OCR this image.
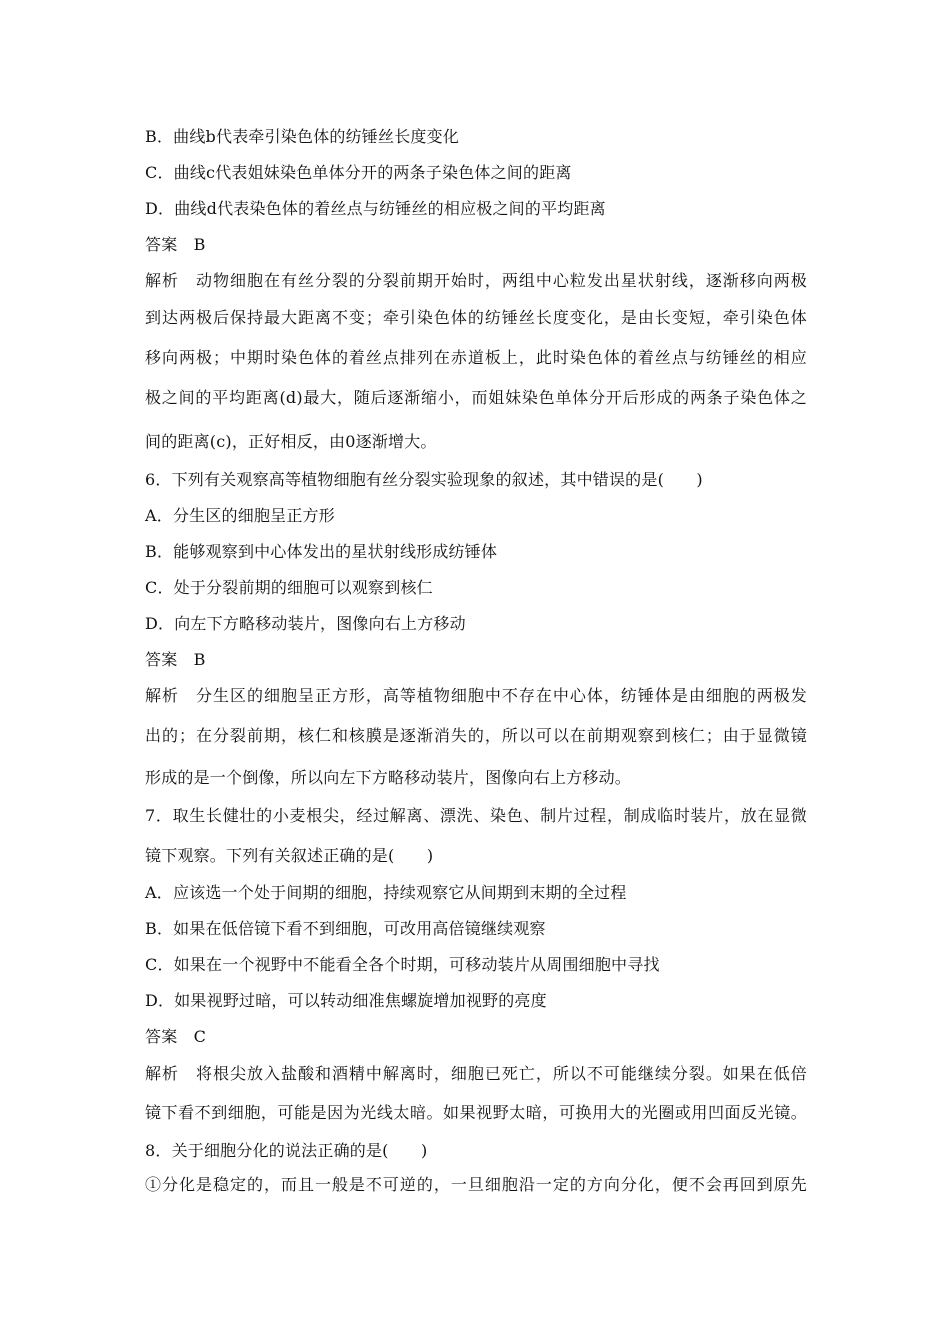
B．曲线b代表牵引染色体的纺锤丝长度变化
C．曲线c代表姐妹染色单体分开的两条子染色体之间的距离
D．曲线d代表染色体的着丝点与纺锤丝的相应极之间的平均距离
答案　B
解析　动物细胞在有丝分裂的分裂前期开始时，两组中心粒发出星状射线，逐渐移向两极
到达两极后保持最大距离不变；牵引染色体的纺锤丝长度变化，是由长变短，牵引染色体
移向两极；中期时染色体的着丝点排列在赤道板上，此时染色体的着丝点与纺锤丝的相应
极之间的平均距离(d)最大，随后逐渐缩小，而姐妹染色单体分开后形成的两条子染色体之
间的距离(c)，正好相反，由0逐渐增大。
6．下列有关观察高等植物细胞有丝分裂实验现象的叙述，其中错误的是(　　)
A．分生区的细胞呈正方形
B．能够观察到中心体发出的星状射线形成纺锤体
C．处于分裂前期的细胞可以观察到核仁
D．向左下方略移动装片，图像向右上方移动
答案　B
解析　分生区的细胞呈正方形，高等植物细胞中不存在中心体，纺锤体是由细胞的两极发
出的；在分裂前期，核仁和核膜是逐渐消失的，所以可以在前期观察到核仁；由于显微镜
形成的是一个倒像，所以向左下方略移动装片，图像向右上方移动。
7．取生长健壮的小麦根尖，经过解离、漂洗、染色、制片过程，制成临时装片，放在显微
镜下观察。下列有关叙述正确的是(　　)
A．应该选一个处于间期的细胞，持续观察它从间期到末期的全过程
B．如果在低倍镜下看不到细胞，可改用高倍镜继续观察
C．如果在一个视野中不能看全各个时期，可移动装片从周围细胞中寻找
D．如果视野过暗，可以转动细准焦螺旋增加视野的亮度
答案　C
解析　将根尖放入盐酸和酒精中解离时，细胞已死亡，所以不可能继续分裂。如果在低倍
镜下看不到细胞，可能是因为光线太暗。如果视野太暗，可换用大的光圈或用凹面反光镜。
8．关于细胞分化的说法正确的是(　　)
①分化是稳定的，而且一般是不可逆的，一旦细胞沿一定的方向分化，便不会再回到原先
